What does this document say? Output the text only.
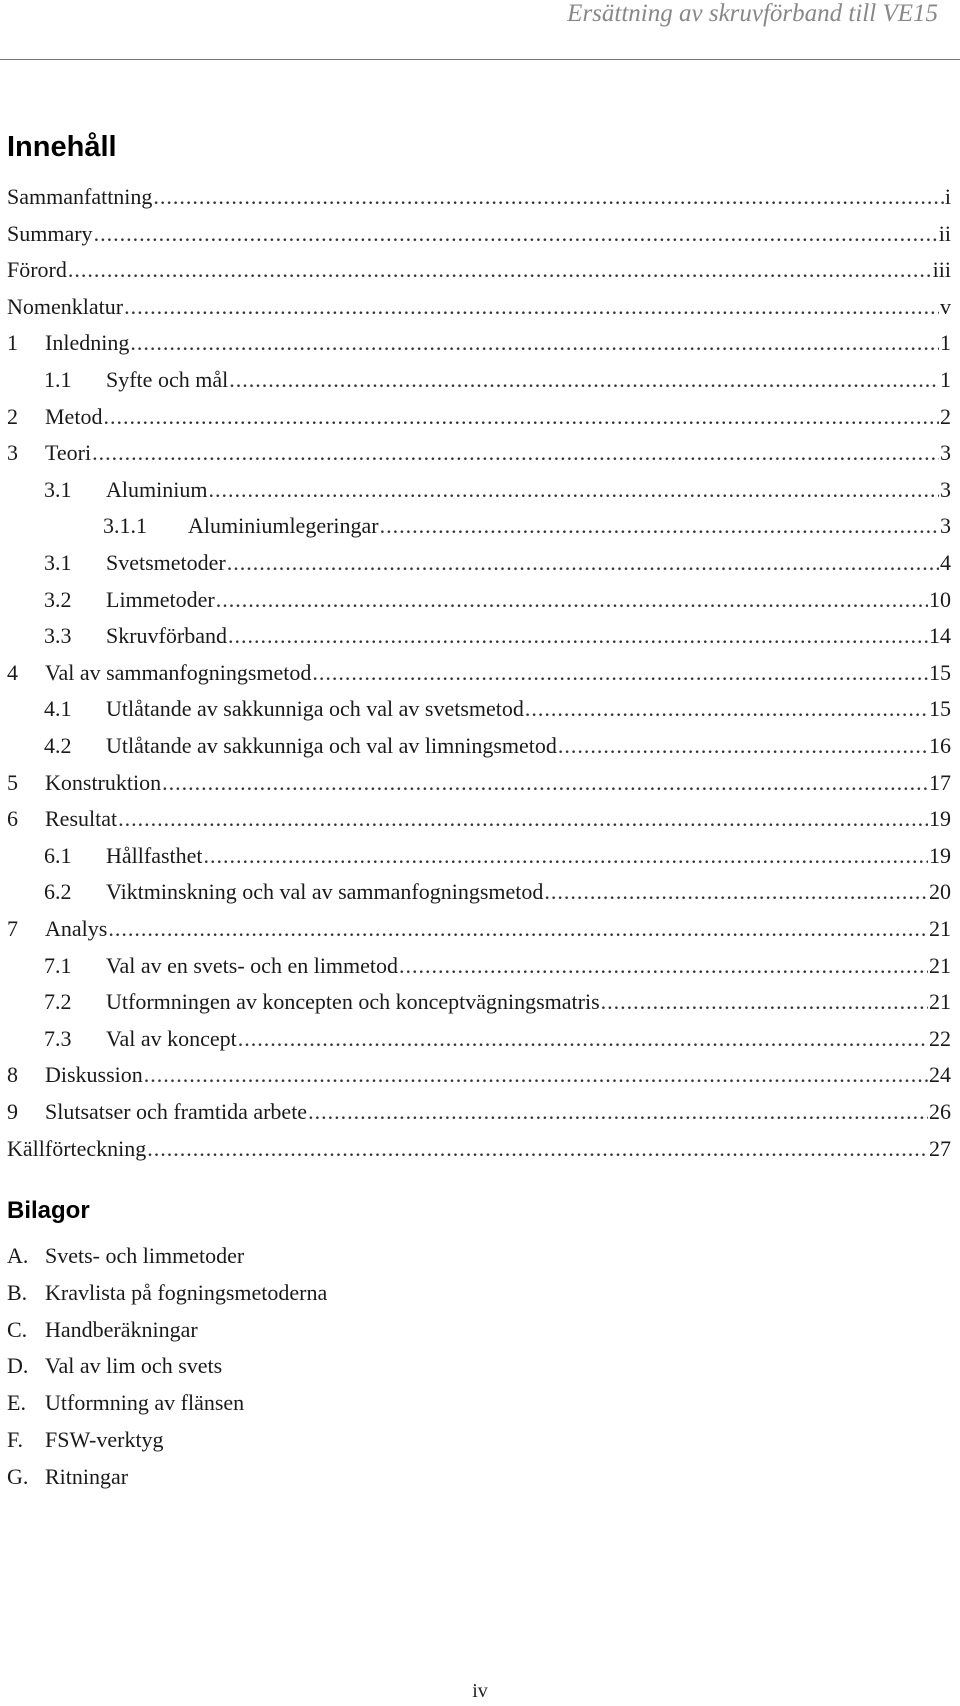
Ersättning av skruvförband till VE15
Innehåll
Sammanfattning .....	i
Summary .....	ii
Förord .....	iii
Nomenklatur .....	v
1	Inledning .....	1
1.1	Syfte och mål .....	1
2	Metod .....	2
3	Teori .....	3
3.1	Aluminium .....	3
3.1.1	Aluminiumlegeringar .....	3
3.1	Svetsmetoder .....	4
3.2	Limmetoder .....	10
3.3	Skruvförband .....	14
4	Val av sammanfogningsmetod .....	15
4.1	Utlåtande av sakkunniga och val av svetsmetod .....	15
4.2	Utlåtande av sakkunniga och val av limningsmetod .....	16
5	Konstruktion .....	17
6	Resultat .....	19
6.1	Hållfasthet .....	19
6.2	Viktminskning och val av sammanfogningsmetod .....	20
7	Analys .....	21
7.1	Val av en svets- och en limmetod .....	21
7.2	Utformningen av koncepten och konceptvägningsmatris .....	21
7.3	Val av koncept .....	22
8	Diskussion .....	24
9	Slutsatser och framtida arbete .....	26
Källförteckning .....	27
Bilagor
A. Svets- och limmetoder
B. Kravlista på fogningsmetoderna
C. Handberäkningar
D. Val av lim och svets
E. Utformning av flänsen
F. FSW-verktyg
G. Ritningar
iv
